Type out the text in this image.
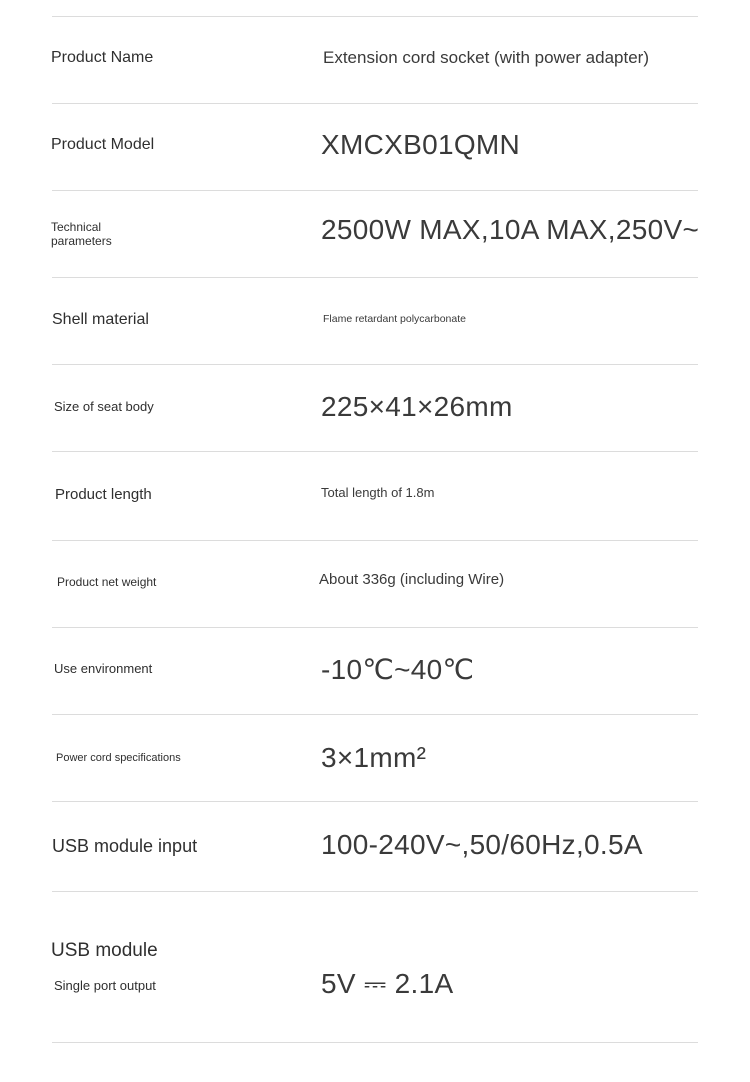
Product Name	Extension cord socket (with power adapter)
Product Model	XMCXB01QMN
Technical
parameters	2500W MAX,10A MAX,250V~
Shell material	Flame retardant polycarbonate
Size of seat body	225×41×26mm
Product length	Total length of 1.8m
Product net weight	About 336g (including Wire)
Use environment	-10℃~40℃
Power cord specifications	3×1mm²
USB module input	100-240V~,50/60Hz,0.5A
USB module
Single port output	5V ⎓ 2.1A
